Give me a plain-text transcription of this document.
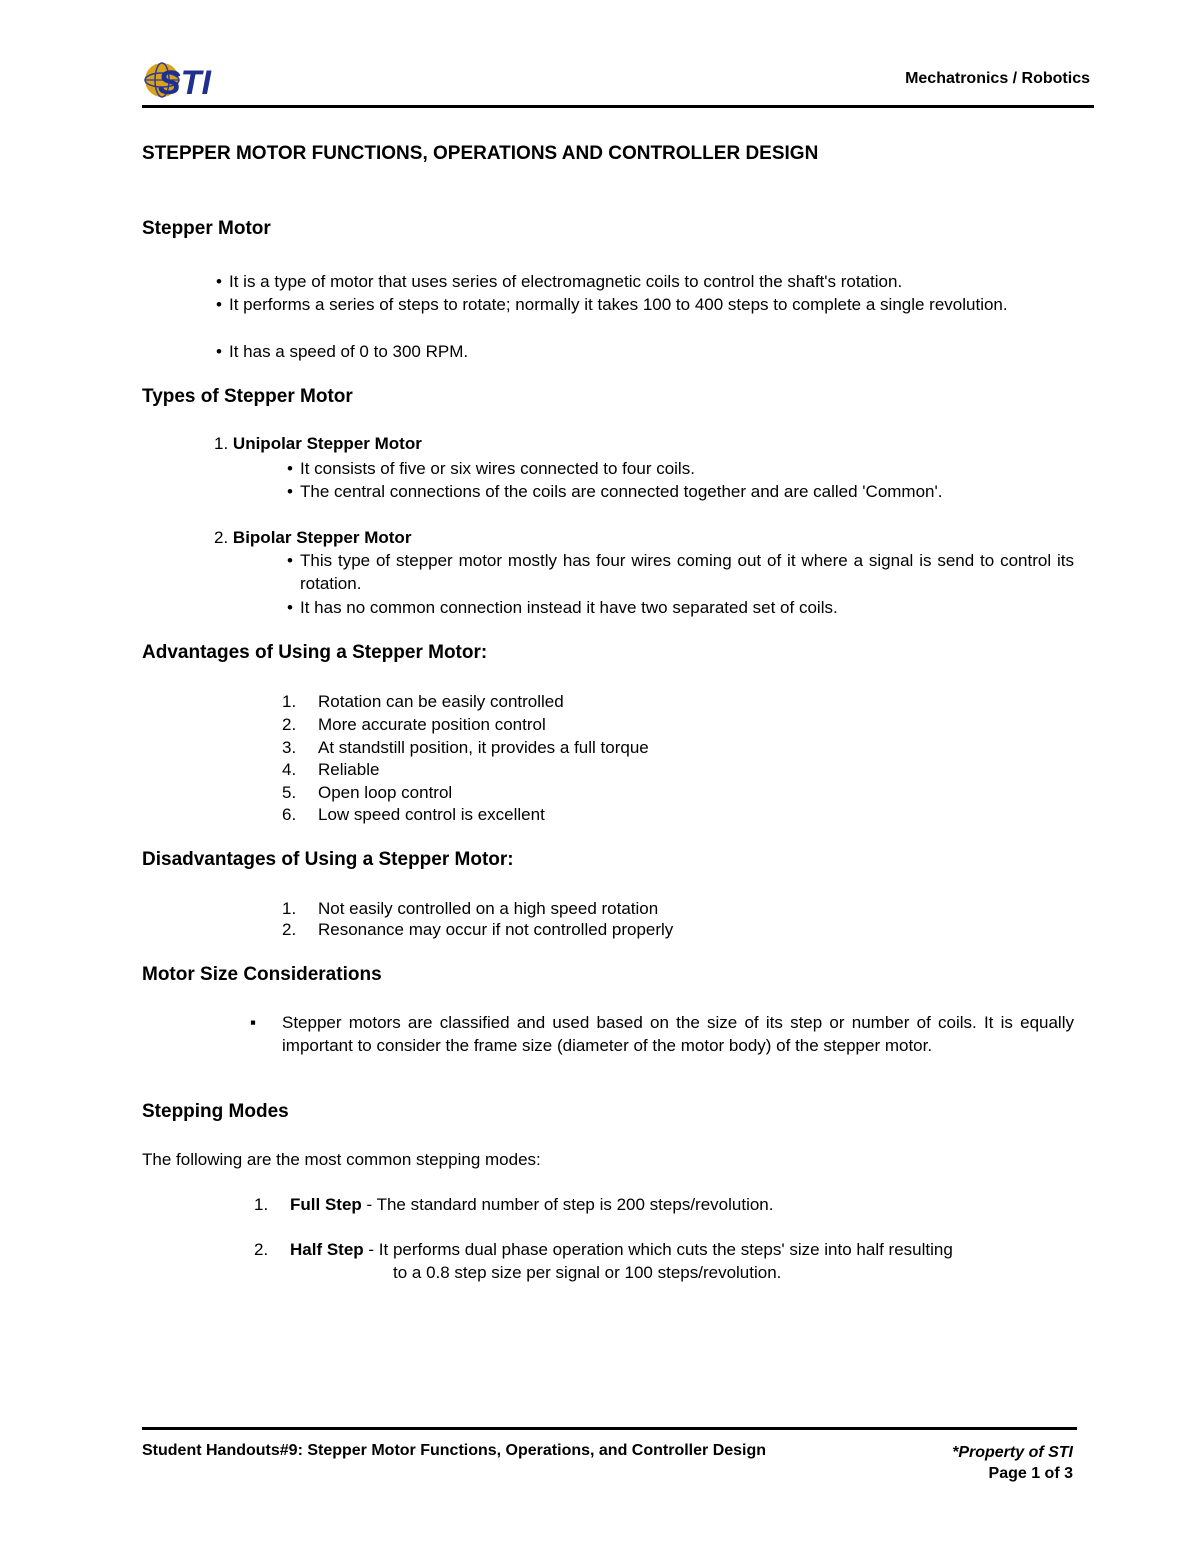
STI	Mechatronics / Robotics
STEPPER MOTOR FUNCTIONS, OPERATIONS AND CONTROLLER DESIGN
Stepper Motor
• It is a type of motor that uses series of electromagnetic coils to control the shaft's rotation.
• It performs a series of steps to rotate; normally it takes 100 to 400 steps to complete a single revolution.
• It has a speed of 0 to 300 RPM.
Types of Stepper Motor
1. Unipolar Stepper Motor
• It consists of five or six wires connected to four coils.
• The central connections of the coils are connected together and are called 'Common'.
2. Bipolar Stepper Motor
• This type of stepper motor mostly has four wires coming out of it where a signal is send to control its rotation.
• It has no common connection instead it have two separated set of coils.
Advantages of Using a Stepper Motor:
1. Rotation can be easily controlled
2. More accurate position control
3. At standstill position, it provides a full torque
4. Reliable
5. Open loop control
6. Low speed control is excellent
Disadvantages of Using a Stepper Motor:
1. Not easily controlled on a high speed rotation
2. Resonance may occur if not controlled properly
Motor Size Considerations
▪ Stepper motors are classified and used based on the size of its step or number of coils. It is equally important to consider the frame size (diameter of the motor body) of the stepper motor.
Stepping Modes
The following are the most common stepping modes:
1. Full Step - The standard number of step is 200 steps/revolution.
2. Half Step - It performs dual phase operation which cuts the steps' size into half resulting
to a 0.8 step size per signal or 100 steps/revolution.
Student Handouts#9: Stepper Motor Functions, Operations, and Controller Design	*Property of STI
Page 1 of 3
